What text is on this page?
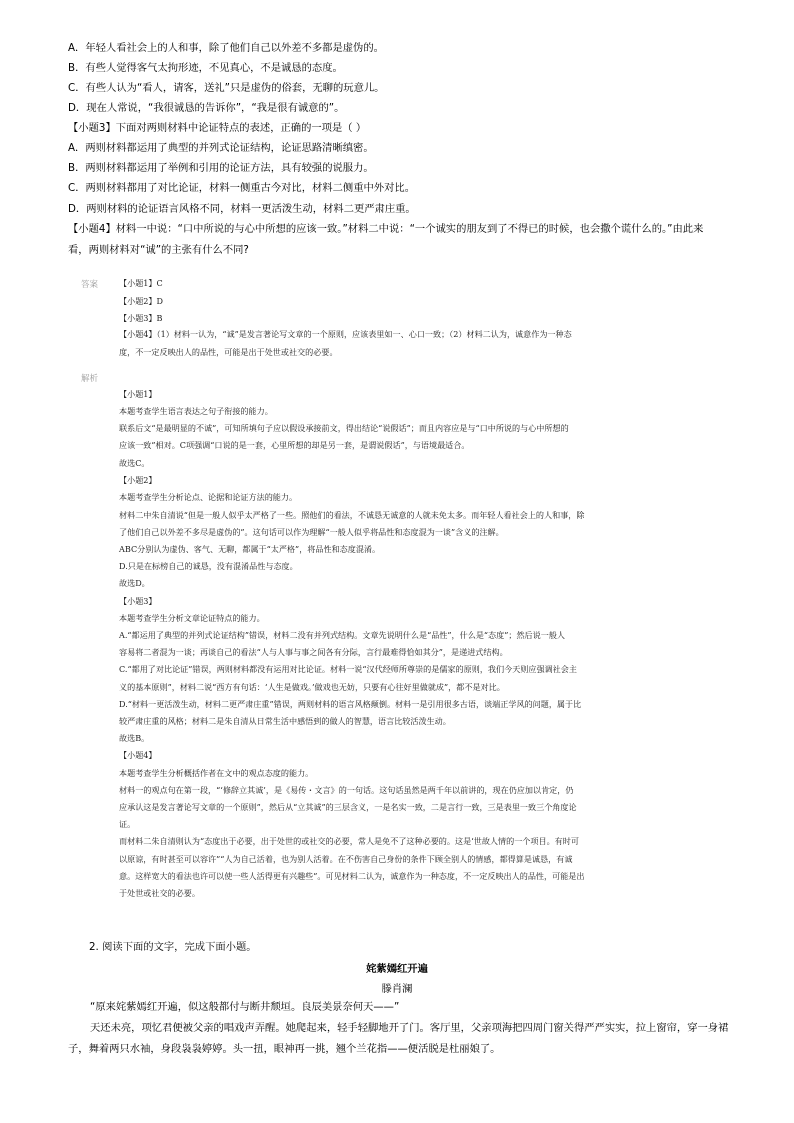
A．年轻人看社会上的人和事，除了他们自己以外差不多都是虚伪的。
B．有些人觉得客气太拘形迹，不见真心，不是诚恳的态度。
C．有些人认为“看人，请客，送礼”只是虚伪的俗套，无聊的玩意儿。
D．现在人常说，“我很诚恳的告诉你”，“我是很有诚意的”。
【小题3】下面对两则材料中论证特点的表述，正确的一项是（ ）
A．两则材料都运用了典型的并列式论证结构，论证思路清晰缜密。
B．两则材料都运用了举例和引用的论证方法，具有较强的说服力。
C．两则材料都用了对比论证，材料一侧重古今对比，材料二侧重中外对比。
D．两则材料的论证语言风格不同，材料一更活泼生动，材料二更严肃庄重。
【小题4】材料一中说：“口中所说的与心中所想的应该一致。”材料二中说：“一个诚实的朋友到了不得已的时候，也会撒个谎什么的。”由此来
看，两则材料对“诚”的主张有什么不同?
答案	【小题1】C
【小题2】D
【小题3】B
【小题4】（1）材料一认为，“诚”是发言著论写文章的一个原则，应该表里如一、心口一致；（2）材料二认为，诚意作为一种态
度，不一定反映出人的品性，可能是出于处世或社交的必要。
解析
【小题1】
本题考查学生语言表达之句子衔接的能力。
联系后文“是最明显的不诚”，可知所填句子应以假设承接前文，得出结论“说假话”；而且内容应是与“口中所说的与心中所想的
应该一致”相对。C项强调“口说的是一套，心里所想的却是另一套，是谓说假话”，与语境最适合。
故选C。
【小题2】
本题考查学生分析论点、论据和论证方法的能力。
材料二中朱自清说“但是一般人似乎太严格了一些。照他们的看法，不诚恳无诚意的人就未免太多。而年轻人看社会上的人和事，除
了他们自己以外差不多尽是虚伪的”。这句话可以作为理解“一般人似乎将品性和态度混为一谈”含义的注解。
ABC分别认为虚伪、客气、无聊，都属于“太严格”，将品性和态度混淆。
D.只是在标榜自己的诚恳，没有混淆品性与态度。
故选D。
【小题3】
本题考查学生分析文章论证特点的能力。
A.“都运用了典型的并列式论证结构”错误，材料二没有并列式结构。文章先说明什么是“品性”，什么是“态度”；然后说一般人
容易将二者混为一谈；再谈自己的看法“人与人事与事之间各有分际，言行最难得恰如其分”，是递进式结构。
C.“都用了对比论证”错误，两则材料都没有运用对比论证。材料一说“汉代经师所尊崇的是儒家的原则，我们今天则应强调社会主
义的基本原则”，材料二说“西方有句话：‘人生是做戏。’做戏也无妨，只要有心往好里做就成”，都不是对比。
D.“材料一更活泼生动，材料二更严肃庄重”错误，两则材料的语言风格颠倒。材料一是引用很多古语，谈端正学风的问题，属于比
较严肃庄重的风格；材料二是朱自清从日常生活中感悟到的做人的智慧，语言比较活泼生动。
故选B。
【小题4】
本题考查学生分析概括作者在文中的观点态度的能力。
材料一的观点句在第一段，“‘修辞立其诚’，是《易传・文言》的一句话。这句话虽然是两千年以前讲的，现在仍应加以肯定，仍
应承认这是发言著论写文章的一个原则”，然后从“立其诚”的三层含义，一是名实一致，二是言行一致，三是表里一致三个角度论
证。
而材料二朱自清则认为“态度出于必要，出于处世的或社交的必要，常人是免不了这种必要的。这是‘世故人情的一个项目。有时可
以原谅，有时甚至可以容许”“人为自己活着，也为别人活着。在不伤害自己身份的条件下顾全别人的情感，都得算是诚恳，有诚
意。这样宽大的看法也许可以使一些人活得更有兴趣些”。可见材料二认为，诚意作为一种态度，不一定反映出人的品性，可能是出
于处世或社交的必要。
2. 阅读下面的文字，完成下面小题。
姹紫嫣红开遍
滕肖澜
“原来姹紫嫣红开遍，似这般都付与断井颓垣。良辰美景奈何天——”
天还未亮，项忆君便被父亲的唱戏声弄醒。她爬起来，轻手轻脚地开了门。客厅里，父亲项海把四周门窗关得严严实实，拉上窗帘，穿一身裙
子，舞着两只水袖，身段袅袅婷婷。头一扭，眼神再一挑，翘个兰花指——便活脱是杜丽娘了。
